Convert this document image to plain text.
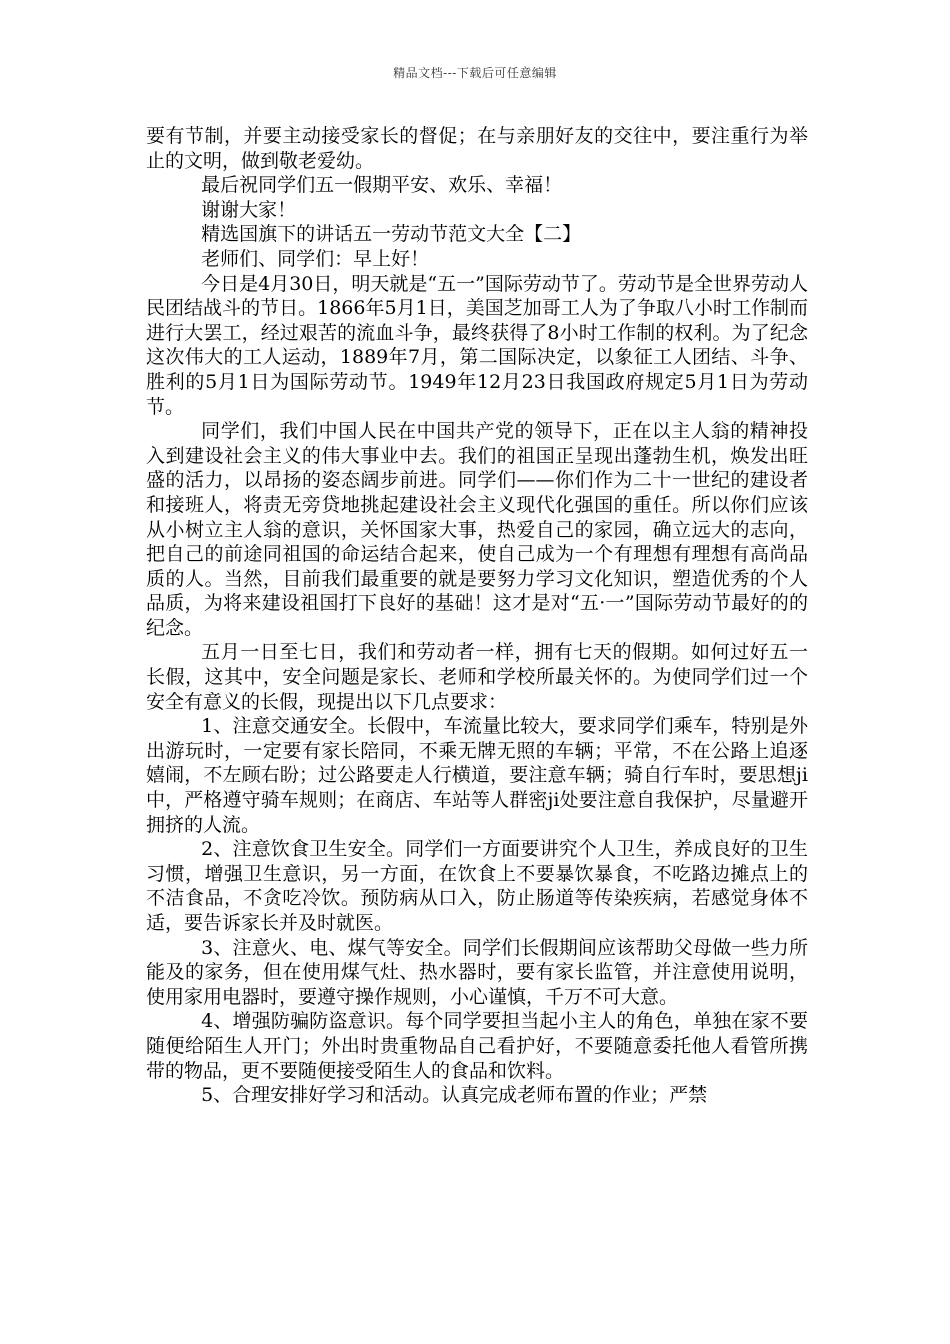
精品文档---下载后可任意编辑

要有节制，并要主动接受家长的督促；在与亲朋好友的交往中，要注重行为举止的文明，做到敬老爱幼。

最后祝同学们五一假期平安、欢乐、幸福！

谢谢大家！

精选国旗下的讲话五一劳动节范文大全【二】

老师们、同学们：早上好！

今日是4月30日，明天就是“五一”国际劳动节了。劳动节是全世界劳动人民团结战斗的节日。1866年5月1日，美国芝加哥工人为了争取八小时工作制而进行大罢工，经过艰苦的流血斗争，最终获得了8小时工作制的权利。为了纪念这次伟大的工人运动，1889年7月，第二国际决定，以象征工人团结、斗争、胜利的5月1日为国际劳动节。1949年12月23日我国政府规定5月1日为劳动节。

同学们，我们中国人民在中国共产党的领导下，正在以主人翁的精神投入到建设社会主义的伟大事业中去。我们的祖国正呈现出蓬勃生机，焕发出旺盛的活力，以昂扬的姿态阔步前进。同学们——你们作为二十一世纪的建设者和接班人，将责无旁贷地挑起建设社会主义现代化强国的重任。所以你们应该从小树立主人翁的意识，关怀国家大事，热爱自己的家园，确立远大的志向，把自己的前途同祖国的命运结合起来，使自己成为一个有理想有理想有高尚品质的人。当然，目前我们最重要的就是要努力学习文化知识，塑造优秀的个人品质，为将来建设祖国打下良好的基础！这才是对“五·一”国际劳动节最好的的纪念。

五月一日至七日，我们和劳动者一样，拥有七天的假期。如何过好五一长假，这其中，安全问题是家长、老师和学校所最关怀的。为使同学们过一个安全有意义的长假，现提出以下几点要求：

1、注意交通安全。长假中，车流量比较大，要求同学们乘车，特别是外出游玩时，一定要有家长陪同，不乘无牌无照的车辆；平常，不在公路上追逐嬉闹，不左顾右盼；过公路要走人行横道，要注意车辆；骑自行车时，要思想ji中，严格遵守骑车规则；在商店、车站等人群密ji处要注意自我保护，尽量避开拥挤的人流。

2、注意饮食卫生安全。同学们一方面要讲究个人卫生，养成良好的卫生习惯，增强卫生意识，另一方面，在饮食上不要暴饮暴食，不吃路边摊点上的不洁食品，不贪吃冷饮。预防病从口入，防止肠道等传染疾病，若感觉身体不适，要告诉家长并及时就医。

3、注意火、电、煤气等安全。同学们长假期间应该帮助父母做一些力所能及的家务，但在使用煤气灶、热水器时，要有家长监管，并注意使用说明，使用家用电器时，要遵守操作规则，小心谨慎，千万不可大意。

4、增强防骗防盗意识。每个同学要担当起小主人的角色，单独在家不要随便给陌生人开门；外出时贵重物品自己看护好，不要随意委托他人看管所携带的物品，更不要随便接受陌生人的食品和饮料。

5、合理安排好学习和活动。认真完成老师布置的作业；严禁
